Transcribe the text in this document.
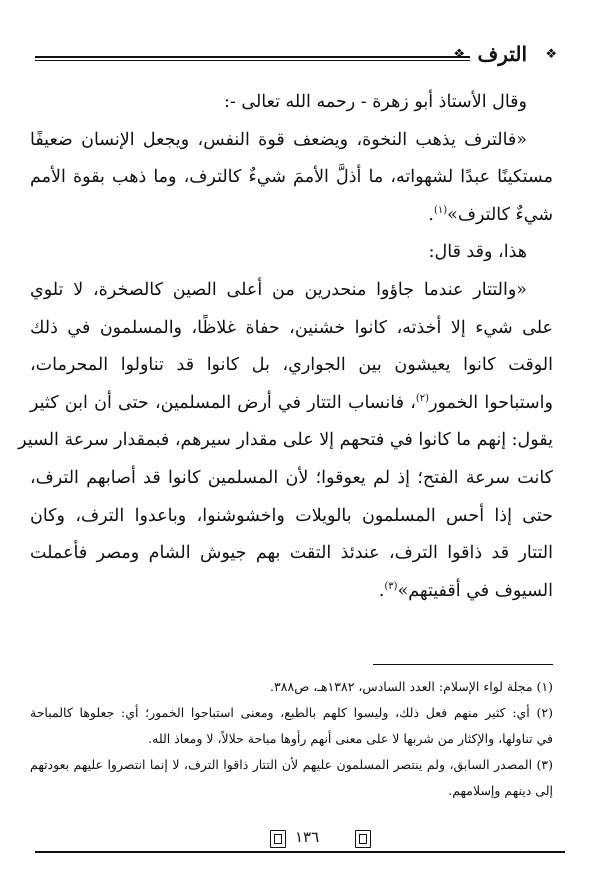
❖ الترف ❖
وقال الأستاذ أبو زهرة - رحمه الله تعالى -:
«فالترف يذهب النخوة، ويضعف قوة النفس، ويجعل الإنسان ضعيفًا
مستكينًا عبدًا لشهواته، ما أذلَّ الأممَ شيءٌ كالترف، وما ذهب بقوة الأمم
شيءٌ كالترف»$^{(١)}$.
هذا، وقد قال:
«والتتار عندما جاؤوا منحدرين من أعلى الصين كالصخرة، لا تلوي
على شيء إلا أخذته، كانوا خشنين، حفاة غلاظًا، والمسلمون في ذلك
الوقت كانوا يعيشون بين الجواري، بل كانوا قد تناولوا المحرمات،
واستباحوا الخمور$^{(٢)}$، فانساب التتار في أرض المسلمين، حتى أن ابن كثير
يقول: إنهم ما كانوا في فتحهم إلا على مقدار سيرهم، فبمقدار سرعة السير
كانت سرعة الفتح؛ إذ لم يعوقوا؛ لأن المسلمين كانوا قد أصابهم الترف،
حتى إذا أحس المسلمون بالويلات واخشوشنوا، وباعدوا الترف، وكان
التتار قد ذاقوا الترف، عندئذ التقت بهم جيوش الشام ومصر فأعملت
السيوف في أقفيتهم»$^{(٣)}$.
(١) مجلة لواء الإسلام: العدد السادس، ١٣٨٢هـ، ص٣٨٨.
(٢) أي: كثير منهم فعل ذلك، وليسوا كلهم بالطبع، ومعنى استباحوا الخمور؛ أي: جعلوها كالمباحة
في تناولها، والإكثار من شربها لا على معنى أنهم رأوها مباحة حلالاً، لا ومعاذ الله.
(٣) المصدر السابق، ولم ينتصر المسلمون عليهم لأن التتار ذاقوا الترف، لا إنما انتصروا عليهم بعودتهم
إلى دينهم وإسلامهم.
١٣٦
